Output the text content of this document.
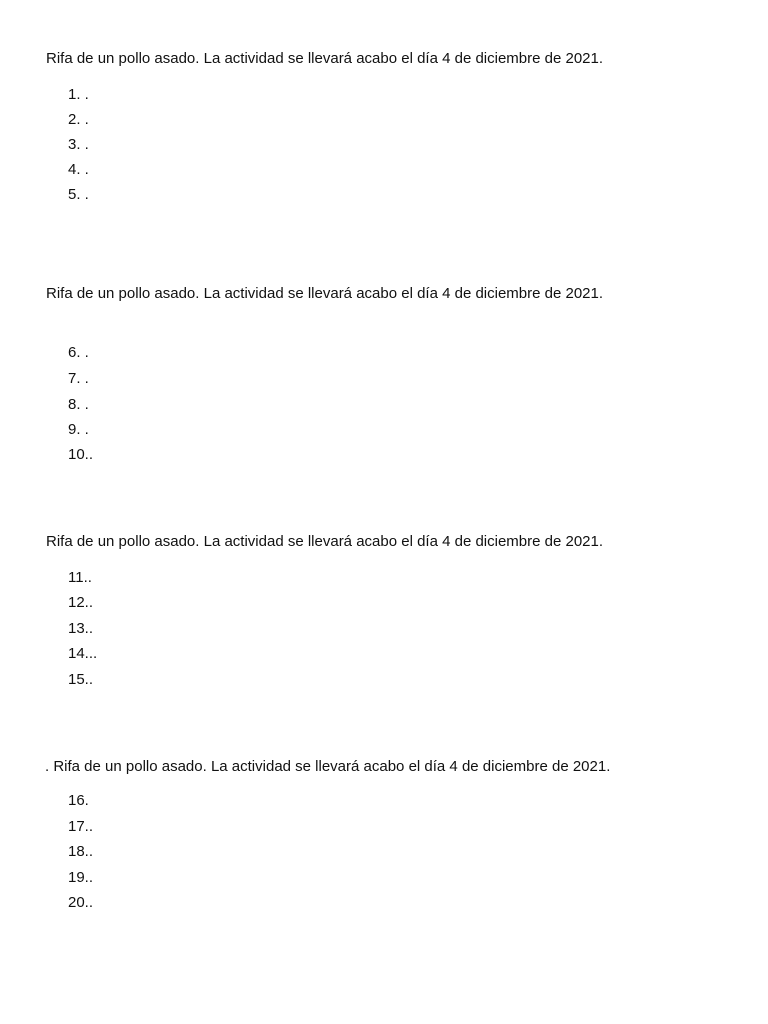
Rifa de un pollo asado. La actividad se llevará acabo el día 4 de diciembre de 2021.
1. .
2. .
3. .
4. .
5. .
Rifa de un pollo asado. La actividad se llevará acabo el día 4 de diciembre de 2021.
6. .
7. .
8. .
9. .
10..
Rifa de un pollo asado. La actividad se llevará acabo el día 4 de diciembre de 2021.
11..
12..
13..
14...
15..
. Rifa de un pollo asado. La actividad se llevará acabo el día 4 de diciembre de 2021.
16.
17..
18..
19..
20..
